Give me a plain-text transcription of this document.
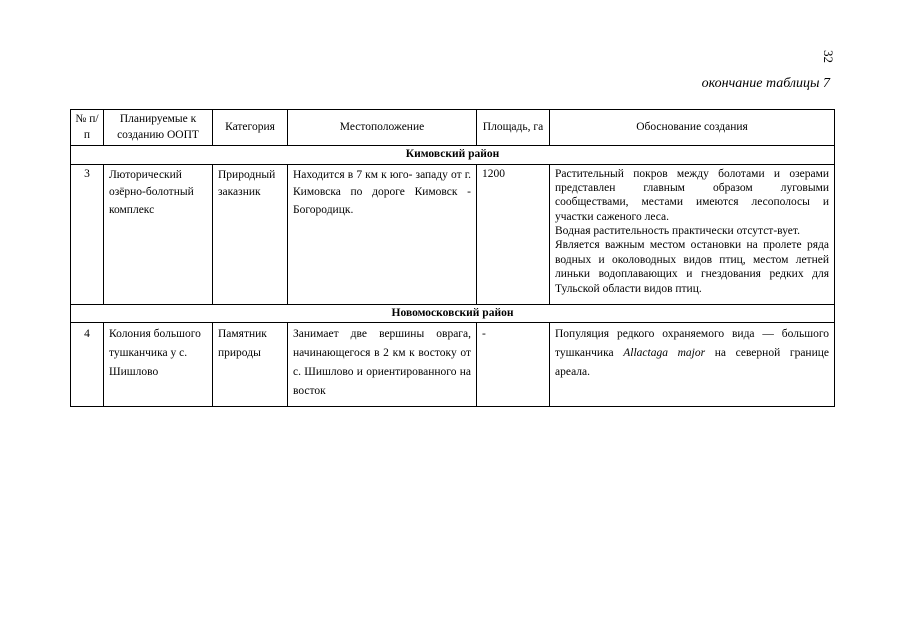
32
окончание таблицы 7
№ п/п	Планируемые к созданию ООПТ	Категория	Местоположение	Площадь, га	Обоснование создания
Кимовский район					
3	Люторический озёрно-болотный комплекс	Природный заказник	Находится в 7 км к юго- западу от г. Кимовска по дороге Кимовск - Богородицк.	1200	Растительный покров между болотами и озерами представлен главным образом луговыми сообществами, местами имеются лесополосы и участки саженого леса.

Водная растительность практически отсутст-вует.

Является важным местом остановки на пролете ряда водных и околоводных видов птиц, местом летней линьки водоплавающих и гнездования редких для Тульской области видов птиц.

Новомосковский район					
4	Колония большого тушканчика у с. Шишлово	Памятник природы	Занимает две вершины оврага, начинающегося в 2 км к востоку от с. Шишлово и ориентированного на восток	-	Популяция редкого охраняемого вида — большого тушканчика Allactaga major на северной границе ареала.
